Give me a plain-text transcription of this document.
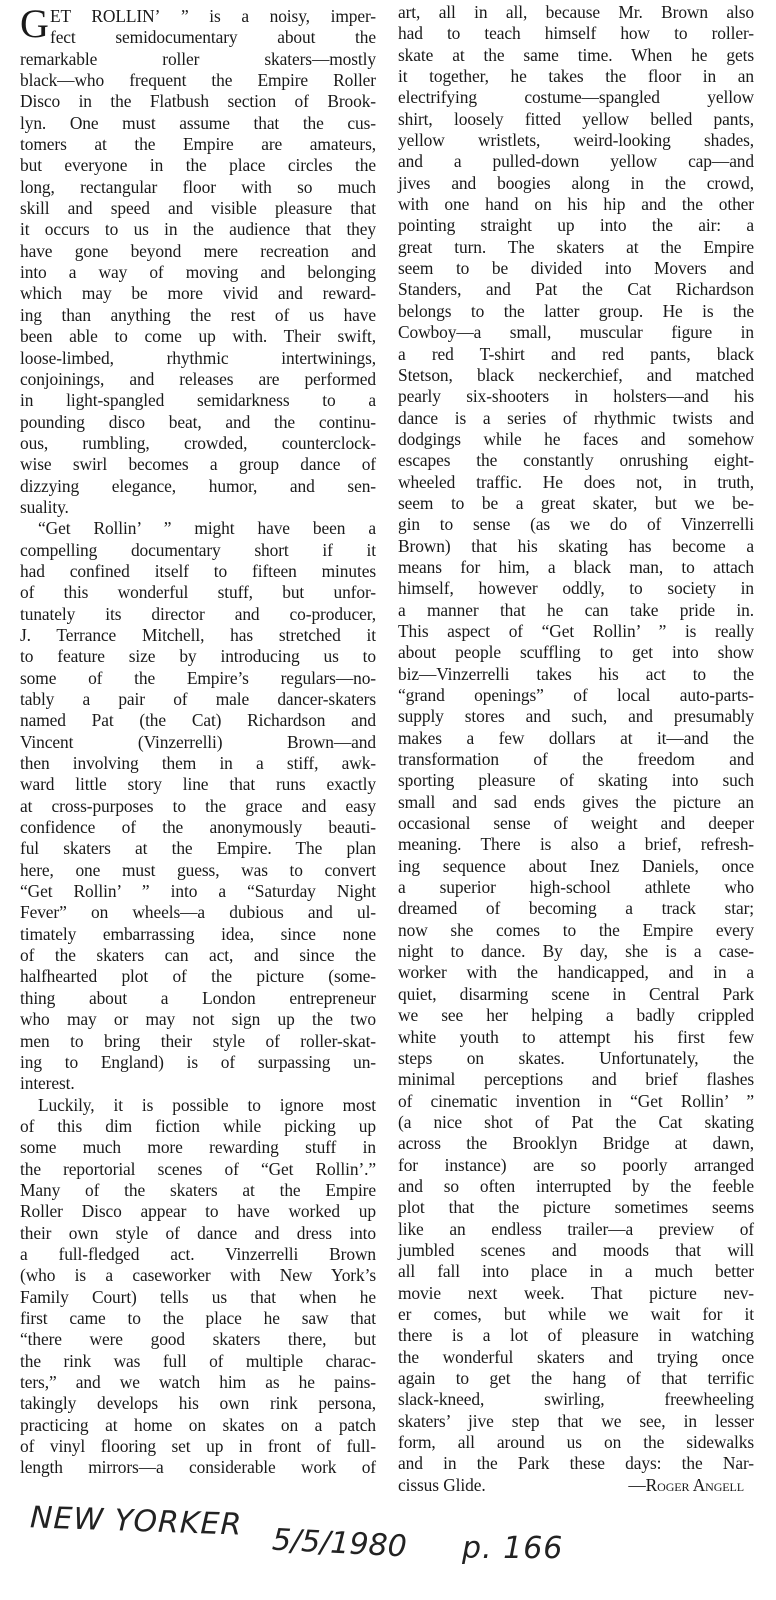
G ET ROLLIN’ ” is a noisy, imper-
fect semidocumentary about the
remarkable roller skaters—mostly
black—who frequent the Empire Roller
Disco in the Flatbush section of Brook-
lyn. One must assume that the cus-
tomers at the Empire are amateurs,
but everyone in the place circles the
long, rectangular floor with so much
skill and speed and visible pleasure that
it occurs to us in the audience that they
have gone beyond mere recreation and
into a way of moving and belonging
which may be more vivid and reward-
ing than anything the rest of us have
been able to come up with. Their swift,
loose-limbed, rhythmic intertwinings,
conjoinings, and releases are performed
in light-spangled semidarkness to a
pounding disco beat, and the continu-
ous, rumbling, crowded, counterclock-
wise swirl becomes a group dance of
dizzying elegance, humor, and sen-
suality.
“Get Rollin’ ” might have been a
compelling documentary short if it
had confined itself to fifteen minutes
of this wonderful stuff, but unfor-
tunately its director and co-producer,
J. Terrance Mitchell, has stretched it
to feature size by introducing us to
some of the Empire’s regulars—no-
tably a pair of male dancer-skaters
named Pat (the Cat) Richardson and
Vincent (Vinzerrelli) Brown—and
then involving them in a stiff, awk-
ward little story line that runs exactly
at cross-purposes to the grace and easy
confidence of the anonymously beauti-
ful skaters at the Empire. The plan
here, one must guess, was to convert
“Get Rollin’ ” into a “Saturday Night
Fever” on wheels—a dubious and ul-
timately embarrassing idea, since none
of the skaters can act, and since the
halfhearted plot of the picture (some-
thing about a London entrepreneur
who may or may not sign up the two
men to bring their style of roller-skat-
ing to England) is of surpassing un-
interest.
Luckily, it is possible to ignore most
of this dim fiction while picking up
some much more rewarding stuff in
the reportorial scenes of “Get Rollin’.”
Many of the skaters at the Empire
Roller Disco appear to have worked up
their own style of dance and dress into
a full-fledged act. Vinzerrelli Brown
(who is a caseworker with New York’s
Family Court) tells us that when he
first came to the place he saw that
“there were good skaters there, but
the rink was full of multiple charac-
ters,” and we watch him as he pains-
takingly develops his own rink persona,
practicing at home on skates on a patch
of vinyl flooring set up in front of full-
length mirrors—a considerable work of
art, all in all, because Mr. Brown also
had to teach himself how to roller-
skate at the same time. When he gets
it together, he takes the floor in an
electrifying costume—spangled yellow
shirt, loosely fitted yellow belled pants,
yellow wristlets, weird-looking shades,
and a pulled-down yellow cap—and
jives and boogies along in the crowd,
with one hand on his hip and the other
pointing straight up into the air: a
great turn. The skaters at the Empire
seem to be divided into Movers and
Standers, and Pat the Cat Richardson
belongs to the latter group. He is the
Cowboy—a small, muscular figure in
a red T-shirt and red pants, black
Stetson, black neckerchief, and matched
pearly six-shooters in holsters—and his
dance is a series of rhythmic twists and
dodgings while he faces and somehow
escapes the constantly onrushing eight-
wheeled traffic. He does not, in truth,
seem to be a great skater, but we be-
gin to sense (as we do of Vinzerrelli
Brown) that his skating has become a
means for him, a black man, to attach
himself, however oddly, to society in
a manner that he can take pride in.
This aspect of “Get Rollin’ ” is really
about people scuffling to get into show
biz—Vinzerrelli takes his act to the
“grand openings” of local auto-parts-
supply stores and such, and presumably
makes a few dollars at it—and the
transformation of the freedom and
sporting pleasure of skating into such
small and sad ends gives the picture an
occasional sense of weight and deeper
meaning. There is also a brief, refresh-
ing sequence about Inez Daniels, once
a superior high-school athlete who
dreamed of becoming a track star;
now she comes to the Empire every
night to dance. By day, she is a case-
worker with the handicapped, and in a
quiet, disarming scene in Central Park
we see her helping a badly crippled
white youth to attempt his first few
steps on skates. Unfortunately, the
minimal perceptions and brief flashes
of cinematic invention in “Get Rollin’ ”
(a nice shot of Pat the Cat skating
across the Brooklyn Bridge at dawn,
for instance) are so poorly arranged
and so often interrupted by the feeble
plot that the picture sometimes seems
like an endless trailer—a preview of
jumbled scenes and moods that will
all fall into place in a much better
movie next week. That picture nev-
er comes, but while we wait for it
there is a lot of pleasure in watching
the wonderful skaters and trying once
again to get the hang of that terrific
slack-kneed, swirling, freewheeling
skaters’ jive step that we see, in lesser
form, all around us on the sidewalks
and in the Park these days: the Nar-
cissus Glide.	—Roger Angell
NEW YORKER
5/5/1980 p. 166
